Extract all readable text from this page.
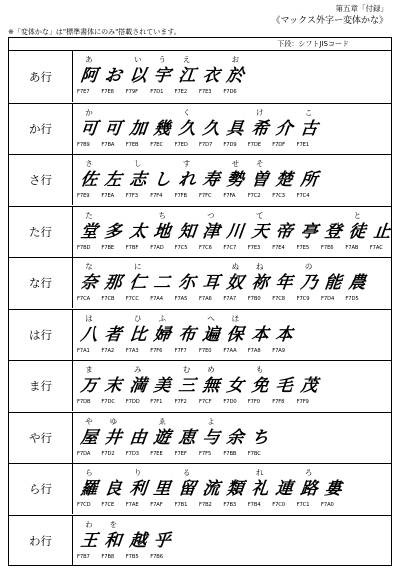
第五章「付録」
《マックス外字ー変体かな》
※「変体かな」は"標準書体にのみ"搭載されています。
下段：シフトJISコード
あ行
あ
阿
F7E7
お
F7E8
い
以
F79F
う
宇
F7D1
え
江
F7E2
衣
F7E3
お
於
F7D6
か行
か
可
F7B9
可
F7BA
加
F7EB
幾
F7EC
く
久
F7ED
久
F7D7
具
F7D9
け
希
F7DE
介
F7DF
こ
古
F7E1
さ行
さ
佐
F7E9
左
F7EA
し
志
F7F3
し
F7F4
す
れ
F7FB
寿
F7FC
せ
勢
F7FA
そ
曽
F7C2
楚
F7C3
所
F7C4
た行
た
堂
F7BD
多
F7BE
太
F7BF
ち
地
F7AD
知
F7C5
つ
津
F7C6
川
F7C7
て
天
F7E3
帝
F7E4
亭
F7E5
登
F7E6
と
徒
F7AB
止
F7AC
な行
な
奈
F7CA
那
F7CB
に
仁
F7CC
二
F7A4
尓
F7A5
耳
F7A6
ぬ
奴
F7A7
ね
祢
F7B0
年
F7C8
の
乃
F7C9
能
F7D4
農
F7D5
は行
は
八
F7A1
者
F7A2
ひ
比
F7A3
ふ
婦
F7F6
布
F7F7
へ
遍
F7E0
ほ
保
F7AA
本
F7A8
本
F7A9
ま行
ま
万
F7DB
末
F7DC
み
満
F7DD
美
F7F1
む
三
F7F2
め
無
F7CF
女
F7D0
も
免
F7F0
毛
F7F8
茂
F7F9
や行
や
屋
F7DA
ゆ
井
F7D2
由
F7D3
ゑ
遊
F7EE
恵
F7EF
よ
与
F7F5
余
F7BB
ち
F7BC
ら行
ら
羅
F7CD
良
F7CE
り
利
F7AE
里
F7AF
る
留
F7B1
流
F7B2
類
F7B3
れ
礼
F7B4
連
F7C0
ろ
路
F7C1
婁
F7A0
わ行
わ
王
F7B7
を
和
F7B8
越
F7B5
乎
F7B6
